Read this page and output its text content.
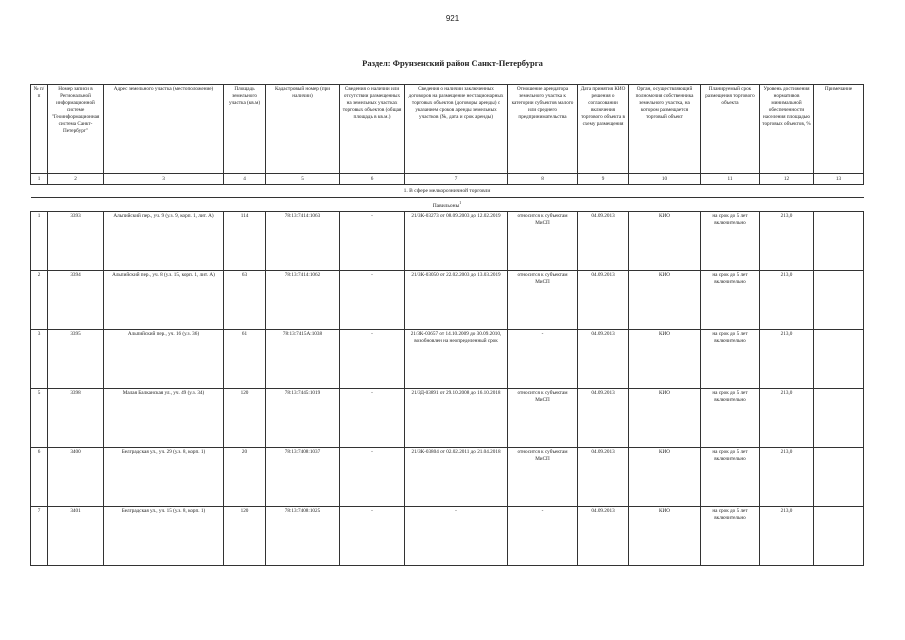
921
Раздел: Фрунзенский район Санкт-Петербурга
№ п/п	Номер записи в Региональной информационной системе "Геоинформационная система Санкт-Петербург"	Адрес земельного участка (местоположение)	Площадь земельного участка (кв.м)	Кадастровый номер (при наличии)	Сведения о наличии или отсутствии размещенных на земельных участках торговых объектов (общая площадь в кв.м.)	Сведения о наличии заключенных договоров на размещение нестационарных торговых объектов (договоры аренды) с указанием сроков аренды земельных участков (№, дата и срок аренды)	Отношение арендатора земельного участка к категории субъектов малого или среднего предпринимательства	Дата принятия КИО решения о согласовании включения торгового объекта в схему размещения	Орган, осуществляющий полномочия собственника земельного участка, на котором размещается торговый объект	Планируемый срок размещения торгового объекта	Уровень достижения нормативов минимальной обеспеченности населения площадью торговых объектов, %	Примечание
1	2	3	4	5	6	7	8	9	10	11	12	13
1. В сфере мелкорозничной торговли												
Павильоны$^1$
1	3393	Альпийский пер., уч. 9 (у.з. 9, корп. 1, лит. А)	114	78:13:7414:1063	-	21/ЗК-03273 от 08.09.2003 до 12.02.2019	относится к субъектам МиСП	04.09.2013	КИО	на срок до 5 лет включительно	213,0	
2	3394	Альпийский пер., уч. 8 (у.з. 15, корп. 1, лит. А)	63	78:13:7414:1062	-	21/ЗК-03050 от 22.02.2003 до 13.03.2019	относится к субъектам МиСП	04.09.2013	КИО	на срок до 5 лет включительно	213,0	
3	3395	Альпийский пер., уч. 16 (у.з. 36)	61	78:13:7415А:1038	-	21/ЗК-03657 от 14.10.2009 до 30.09.2010, возобновлен на неопределенный срок	-	04.09.2013	КИО	на срок до 5 лет включительно	213,0	
5	3398	Малая Балканская ул., уч. 49 (у.з. 34)	120	78:13:7445:1019	-	21/ЗД-03891 от 29.10.2008 до 16.10.2018	относится к субъектам МиСП	04.09.2013	КИО	на срок до 5 лет включительно	213,0	
6	3400	Белградская ул., уч. 29 (у.з. 8, корп. 1)	20	78:13:7408:1037	-	21/ЗК-03804 от 02.02.2011 до 21.04.2018	относится к субъектам МиСП	04.09.2013	КИО	на срок до 5 лет включительно	213,0	
7	3401	Белградская ул., уч. 15 (у.з. 8, корп. 1)	120	78:13:7408:1025	-	-	-	04.09.2013	КИО	на срок до 5 лет включительно	213,0	
